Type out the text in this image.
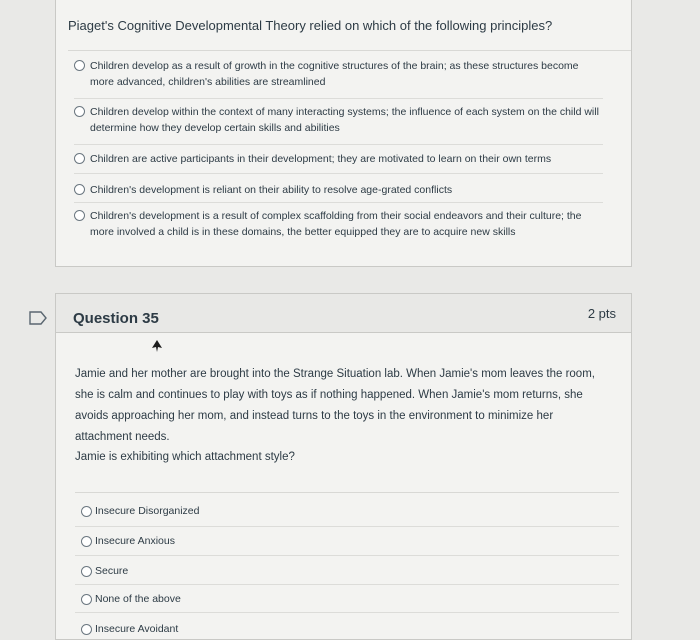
Piaget's Cognitive Developmental Theory relied on which of the following principles?
Children develop as a result of growth in the cognitive structures of the brain; as these structures become more advanced, children's abilities are streamlined
Children develop within the context of many interacting systems; the influence of each system on the child will determine how they develop certain skills and abilities
Children are active participants in their development; they are motivated to learn on their own terms
Children's development is reliant on their ability to resolve age-grated conflicts
Children's development is a result of complex scaffolding from their social endeavors and their culture; the more involved a child is in these domains, the better equipped they are to acquire new skills
Question 35	2 pts
Jamie and her mother are brought into the Strange Situation lab. When Jamie's mom leaves the room, she is calm and continues to play with toys as if nothing happened. When Jamie's mom returns, she avoids approaching her mom, and instead turns to the toys in the environment to minimize her attachment needs.
Jamie is exhibiting which attachment style?
Insecure Disorganized
Insecure Anxious
Secure
None of the above
Insecure Avoidant
